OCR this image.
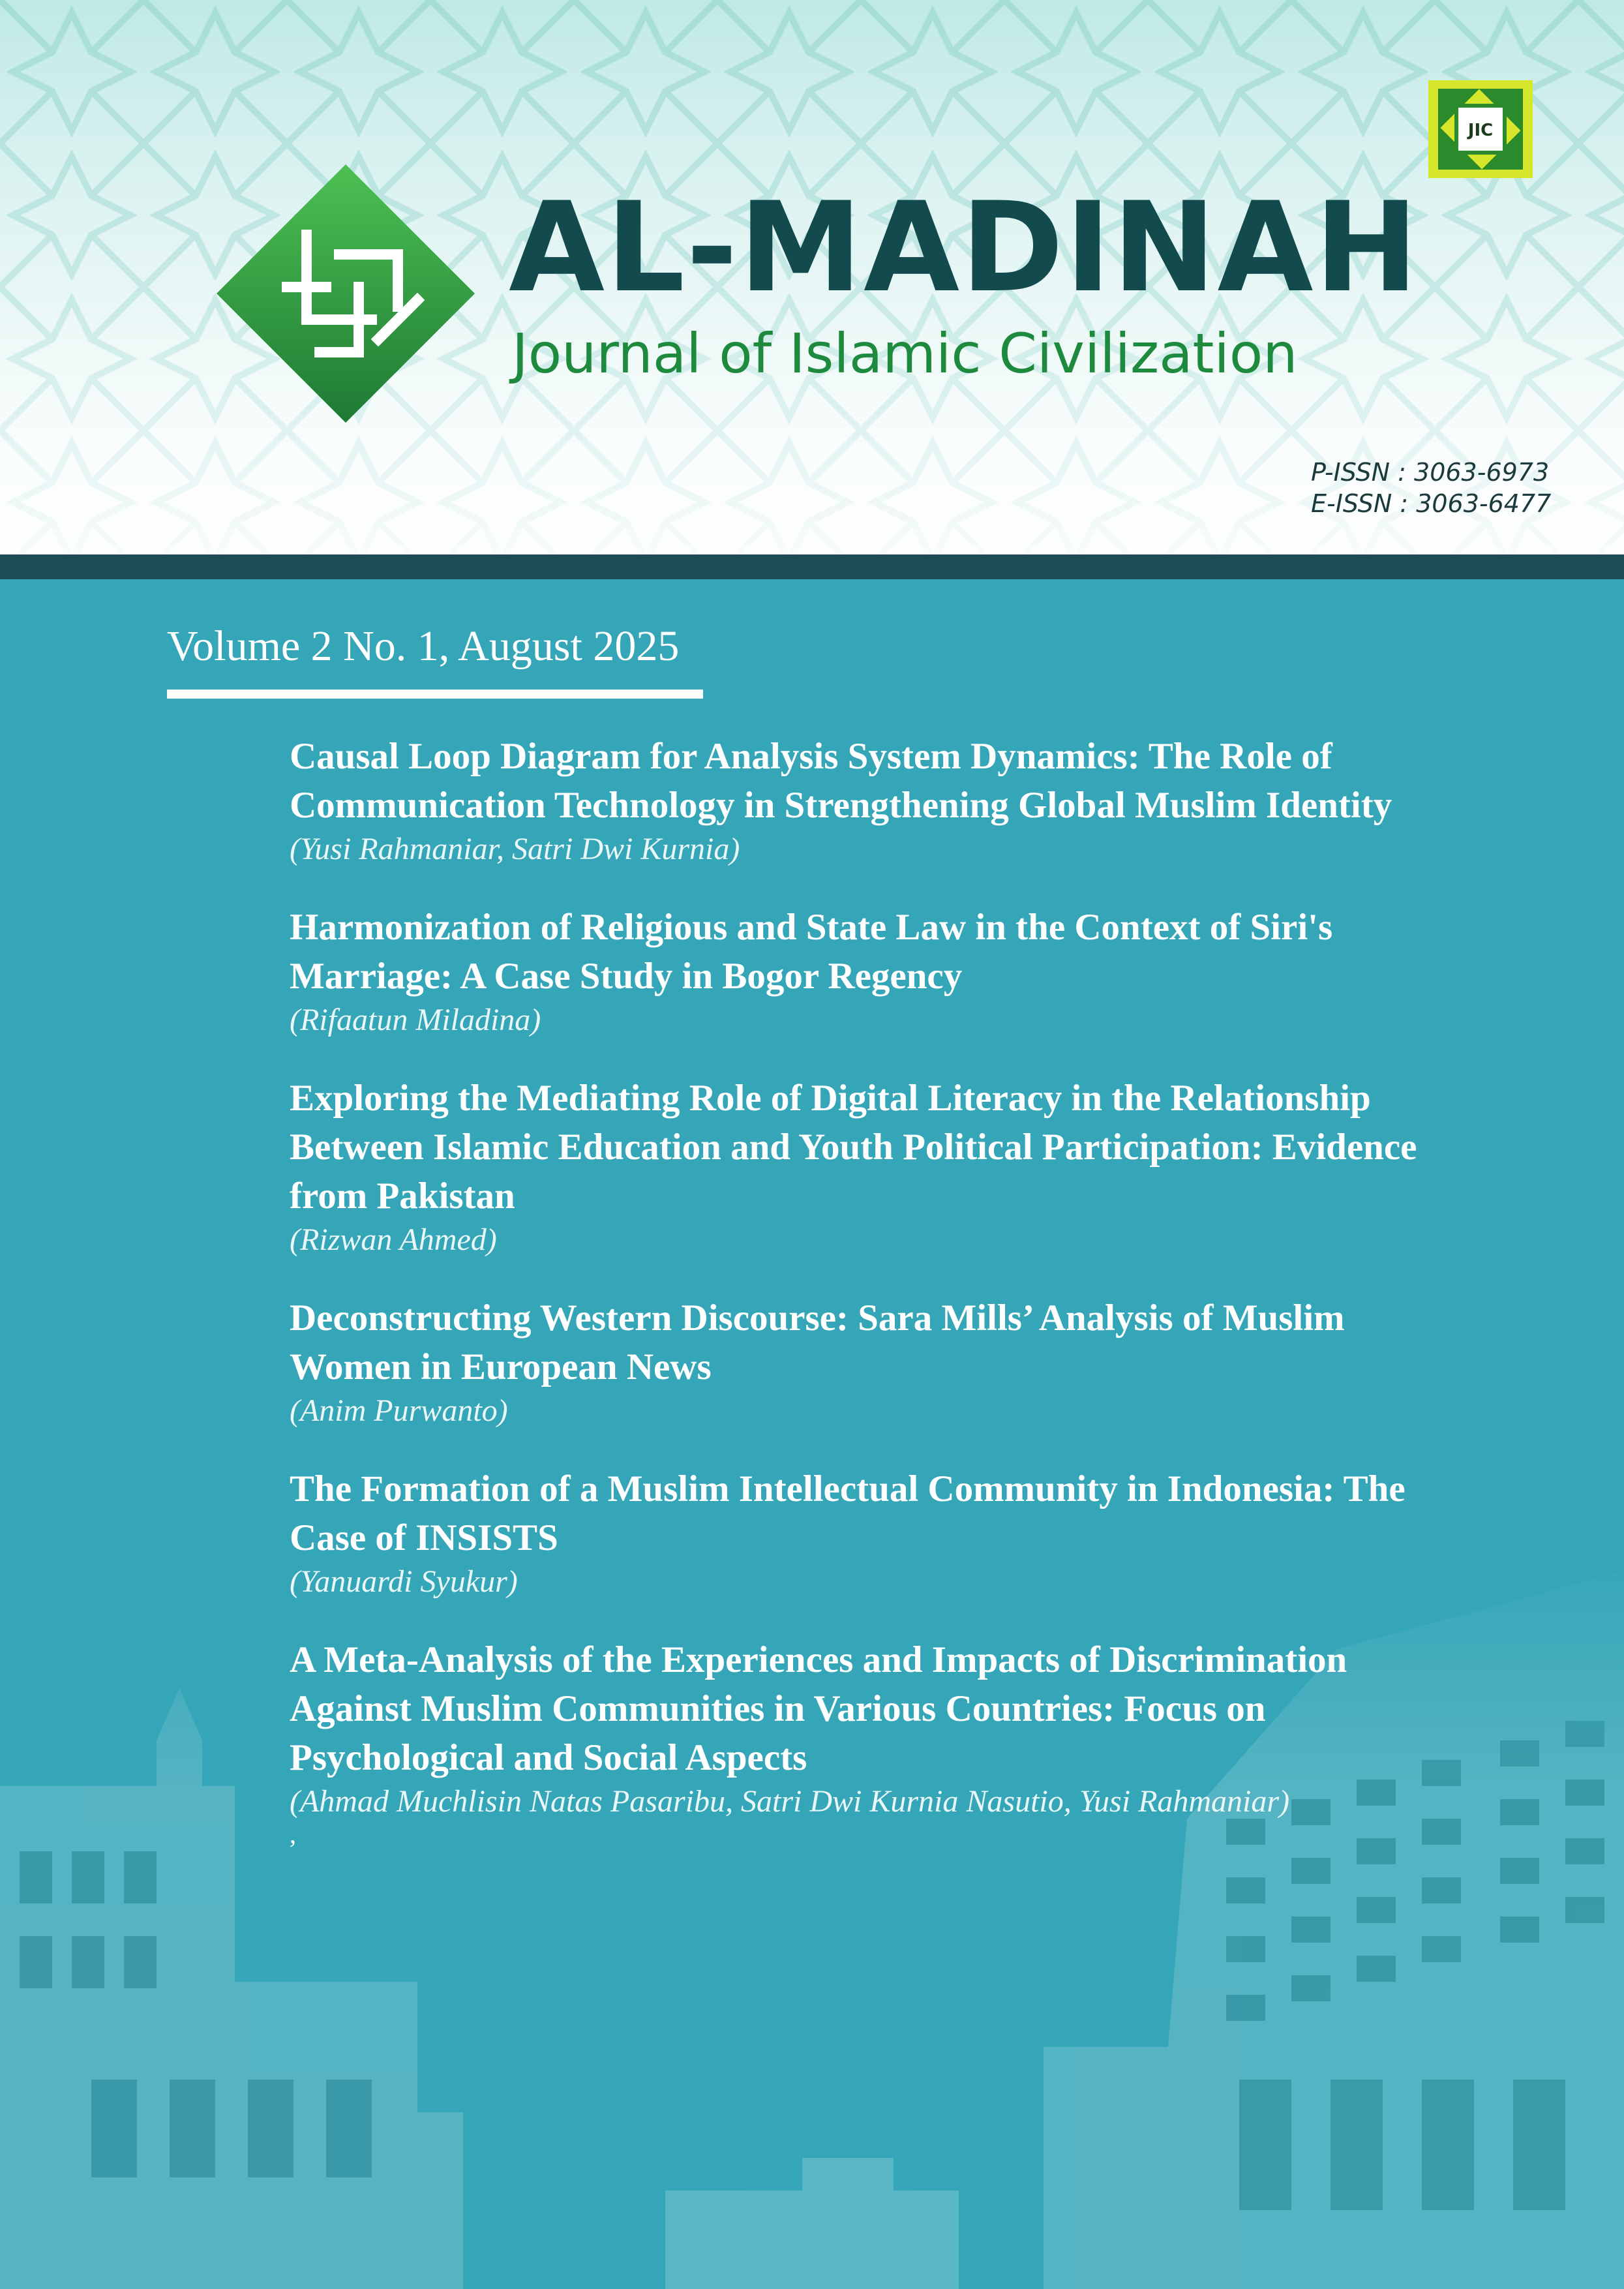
AL-MADINAH
Journal of Islamic Civilization
JIC
P-ISSN : 3063-6973
E-ISSN : 3063-6477
Volume 2 No. 1, August 2025
Causal Loop Diagram for Analysis System Dynamics: The Role of Communication Technology in Strengthening Global Muslim Identity
(Yusi Rahmaniar, Satri Dwi Kurnia)
Harmonization of Religious and State Law in the Context of Siri's Marriage: A Case Study in Bogor Regency
(Rifaatun Miladina)
Exploring the Mediating Role of Digital Literacy in the Relationship Between Islamic Education and Youth Political Participation: Evidence from Pakistan
(Rizwan Ahmed)
Deconstructing Western Discourse: Sara Mills’ Analysis of Muslim Women in European News
(Anim Purwanto)
The Formation of a Muslim Intellectual Community in Indonesia: The Case of INSISTS
(Yanuardi Syukur)
A Meta-Analysis of the Experiences and Impacts of Discrimination Against Muslim Communities in Various Countries: Focus on Psychological and Social Aspects
(Ahmad Muchlisin Natas Pasaribu, Satri Dwi Kurnia Nasutio, Yusi Rahmaniar)
,
